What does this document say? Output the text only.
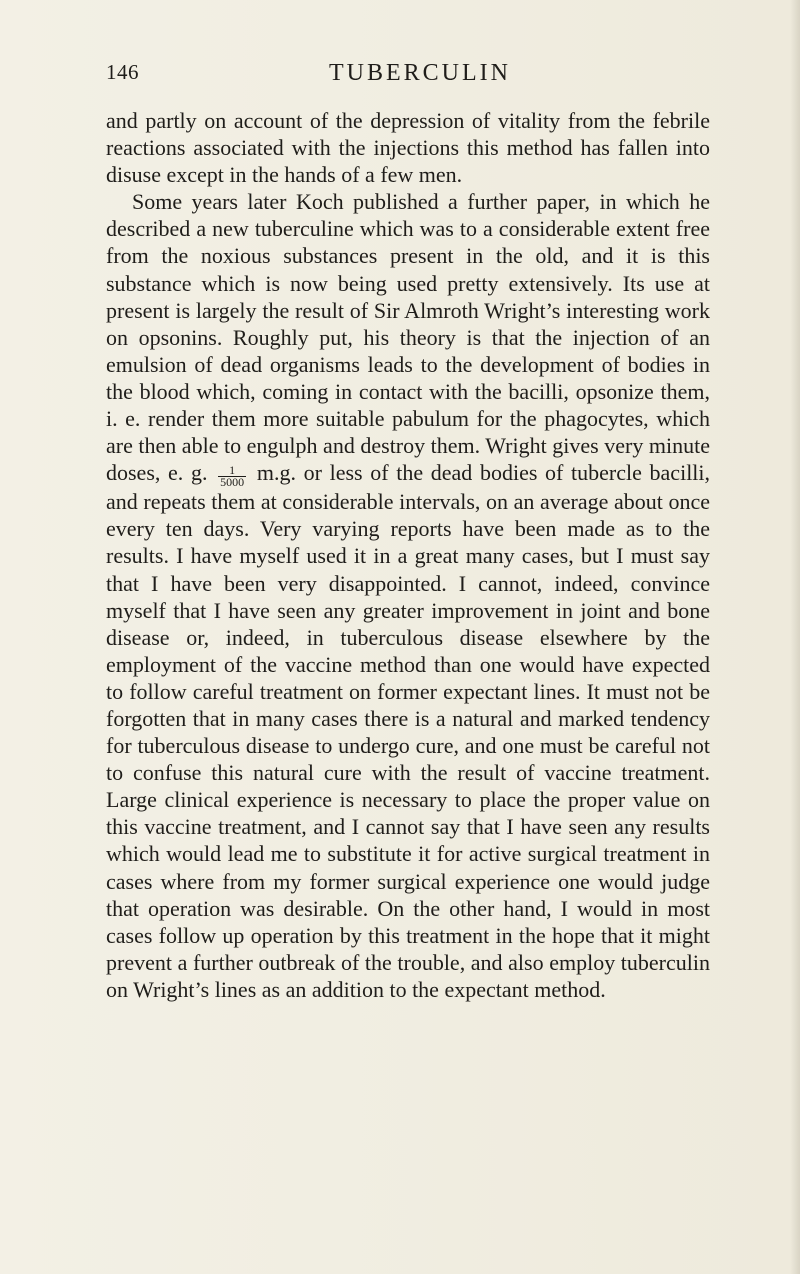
146	TUBERCULIN

and partly on account of the depression of vitality from the febrile reactions associated with the injections this method has fallen into disuse except in the hands of a few men.

Some years later Koch published a further paper, in which he described a new tuberculine which was to a considerable extent free from the noxious substances present in the old, and it is this substance which is now being used pretty extensively. Its use at present is largely the result of Sir Almroth Wright’s interesting work on opsonins. Roughly put, his theory is that the injection of an emulsion of dead organisms leads to the development of bodies in the blood which, coming in contact with the bacilli, opsonize them, i. e. render them more suitable pabulum for the phagocytes, which are then able to engulph and destroy them. Wright gives very minute doses, e. g. $\frac{1}{5000} m.g$. or less of the dead bodies of tubercle bacilli, and repeats them at considerable intervals, on an average about once every ten days. Very varying reports have been made as to the results. I have myself used it in a great many cases, but I must say that I have been very disappointed. I cannot, indeed, convince myself that I have seen any greater improvement in joint and bone disease or, indeed, in tuberculous disease elsewhere by the employment of the vaccine method than one would have expected to follow careful treatment on former expectant lines. It must not be forgotten that in many cases there is a natural and marked tendency for tuberculous disease to undergo cure, and one must be careful not to confuse this natural cure with the result of vaccine treatment. Large clinical experience is necessary to place the proper value on this vaccine treatment, and I cannot say that I have seen any results which would lead me to substitute it for active surgical treatment in cases where from my former surgical experience one would judge that operation was desirable. On the other hand, I would in most cases follow up operation by this treatment in the hope that it might prevent a further outbreak of the trouble, and also employ tuberculin on Wright’s lines as an addition to the expectant method.
